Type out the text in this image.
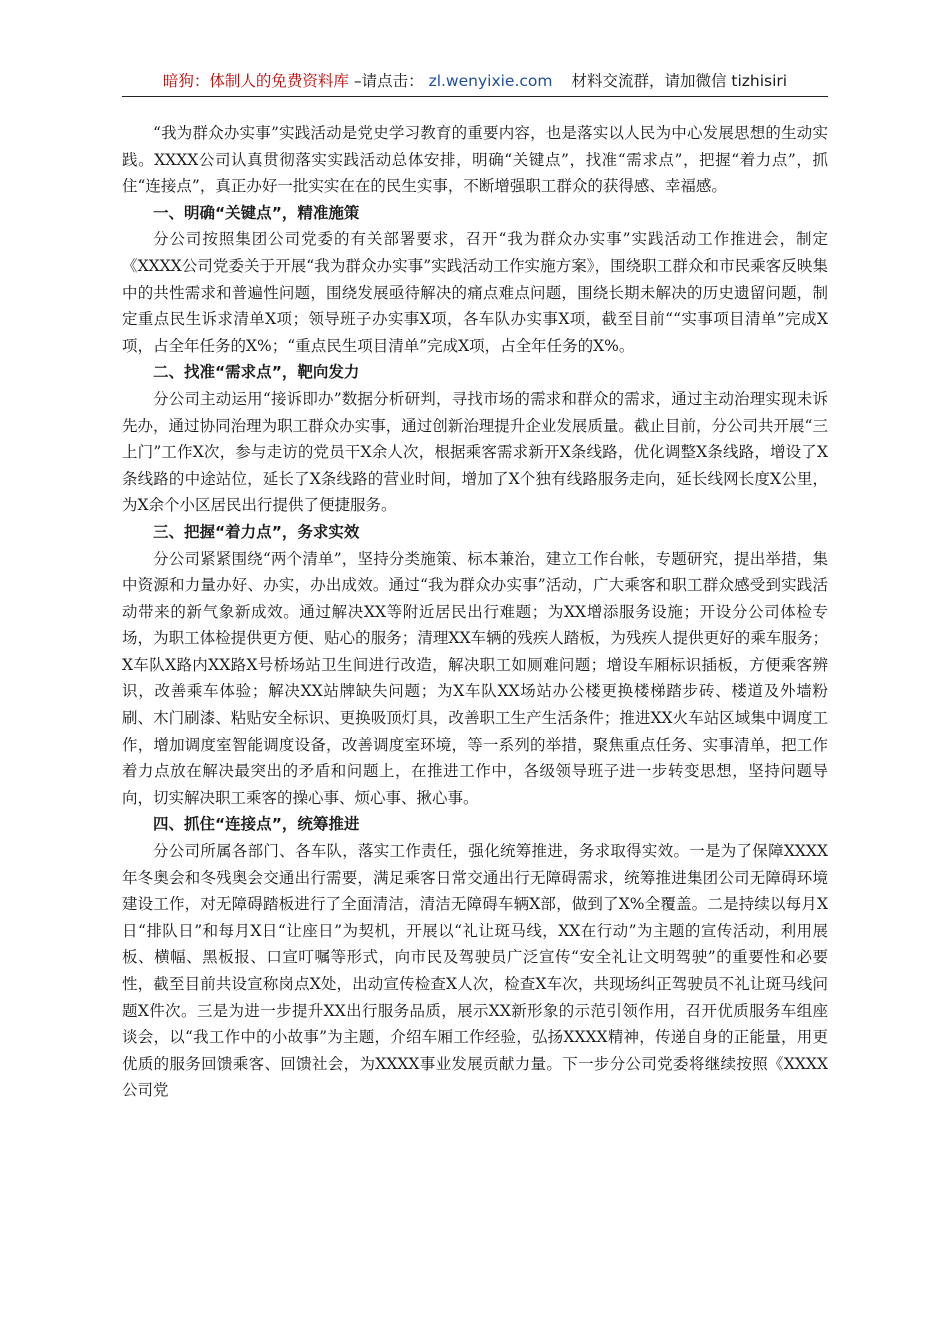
暗狗：体制人的免费资料库 –请点击： zl.wenyixie.com 材料交流群，请加微信 tizhisiri

“我为群众办实事”实践活动是党史学习教育的重要内容，也是落实以人民为中心发展思想的生动实践。XXXX公司认真贯彻落实实践活动总体安排，明确“关键点”，找准“需求点”，把握“着力点”，抓住“连接点”，真正办好一批实实在在的民生实事，不断增强职工群众的获得感、幸福感。

一、明确“关键点”，精准施策

分公司按照集团公司党委的有关部署要求，召开“我为群众办实事”实践活动工作推进会，制定《XXXX公司党委关于开展“我为群众办实事”实践活动工作实施方案》，围绕职工群众和市民乘客反映集中的共性需求和普遍性问题，围绕发展亟待解决的痛点难点问题，围绕长期未解决的历史遗留问题，制定重点民生诉求清单X项；领导班子办实事X项，各车队办实事X项，截至目前““实事项目清单”完成X项，占全年任务的X%；“重点民生项目清单”完成X项，占全年任务的X%。

二、找准“需求点”，靶向发力

分公司主动运用“接诉即办”数据分析研判，寻找市场的需求和群众的需求，通过主动治理实现未诉先办，通过协同治理为职工群众办实事，通过创新治理提升企业发展质量。截止目前，分公司共开展“三上门”工作X次，参与走访的党员干X余人次，根据乘客需求新开X条线路，优化调整X条线路，增设了X条线路的中途站位，延长了X条线路的营业时间，增加了X个独有线路服务走向，延长线网长度X公里，为X余个小区居民出行提供了便捷服务。

三、把握“着力点”，务求实效

分公司紧紧围绕“两个清单”，坚持分类施策、标本兼治，建立工作台帐，专题研究，提出举措，集中资源和力量办好、办实，办出成效。通过“我为群众办实事”活动，广大乘客和职工群众感受到实践活动带来的新气象新成效。通过解决XX等附近居民出行难题；为XX增添服务设施；开设分公司体检专场，为职工体检提供更方便、贴心的服务；清理XX车辆的残疾人踏板，为残疾人提供更好的乘车服务；X车队X路内XX路X号桥场站卫生间进行改造，解决职工如厕难问题；增设车厢标识插板，方便乘客辨识，改善乘车体验；解决XX站牌缺失问题；为X车队XX场站办公楼更换楼梯踏步砖、楼道及外墙粉刷、木门刷漆、粘贴安全标识、更换吸顶灯具，改善职工生产生活条件；推进XX火车站区域集中调度工作，增加调度室智能调度设备，改善调度室环境，等一系列的举措，聚焦重点任务、实事清单，把工作着力点放在解决最突出的矛盾和问题上，在推进工作中，各级领导班子进一步转变思想，坚持问题导向，切实解决职工乘客的操心事、烦心事、揪心事。

四、抓住“连接点”，统筹推进

分公司所属各部门、各车队，落实工作责任，强化统筹推进，务求取得实效。一是为了保障XXXX年冬奥会和冬残奥会交通出行需要，满足乘客日常交通出行无障碍需求，统筹推进集团公司无障碍环境建设工作，对无障碍踏板进行了全面清洁，清洁无障碍车辆X部，做到了X%全覆盖。二是持续以每月X日“排队日”和每月X日“让座日”为契机，开展以“礼让斑马线，XX在行动”为主题的宣传活动，利用展板、横幅、黑板报、口宣叮嘱等形式，向市民及驾驶员广泛宣传“安全礼让文明驾驶”的重要性和必要性，截至目前共设宣称岗点X处，出动宣传检查X人次，检查X车次，共现场纠正驾驶员不礼让斑马线问题X件次。三是为进一步提升XX出行服务品质，展示XX新形象的示范引领作用，召开优质服务车组座谈会，以“我工作中的小故事”为主题，介绍车厢工作经验，弘扬XXXX精神，传递自身的正能量，用更优质的服务回馈乘客、回馈社会，为XXXX事业发展贡献力量。下一步分公司党委将继续按照《XXXX公司党
